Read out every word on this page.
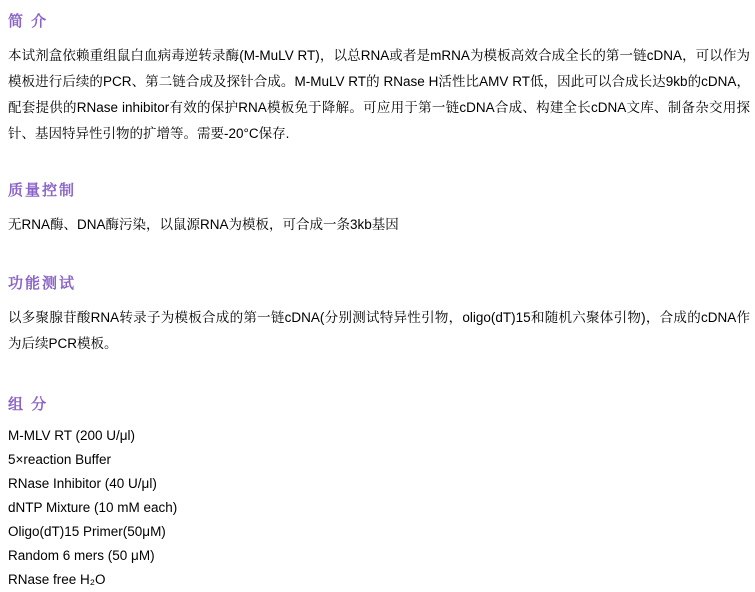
简 介

本试剂盒依赖重组鼠白血病毒逆转录酶(M-MuLV RT)，以总RNA或者是mRNA为模板高效合成全长的第一链cDNA，可以作为模板进行后续的PCR、第二链合成及探针合成。M-MuLV RT的 RNase H活性比AMV RT低，因此可以合成长达9kb的cDNA，配套提供的RNase inhibitor有效的保护RNA模板免于降解。可应用于第一链cDNA合成、构建全长cDNA文库、制备杂交用探针、基因特异性引物的扩增等。需要-20°C保存.

质量控制

无RNA酶、DNA酶污染，以鼠源RNA为模板，可合成一条3kb基因

功能测试

以多聚腺苷酸RNA转录子为模板合成的第一链cDNA(分别测试特异性引物，oligo(dT)15和随机六聚体引物)，合成的cDNA作为后续PCR模板。

组 分
M-MLV RT (200 U/μl)
5×reaction Buffer
RNase Inhibitor (40 U/μl)
dNTP Mixture (10 mM each)
Oligo(dT)15 Primer(50μM)
Random 6 mers (50 μM)
RNase free H₂O
